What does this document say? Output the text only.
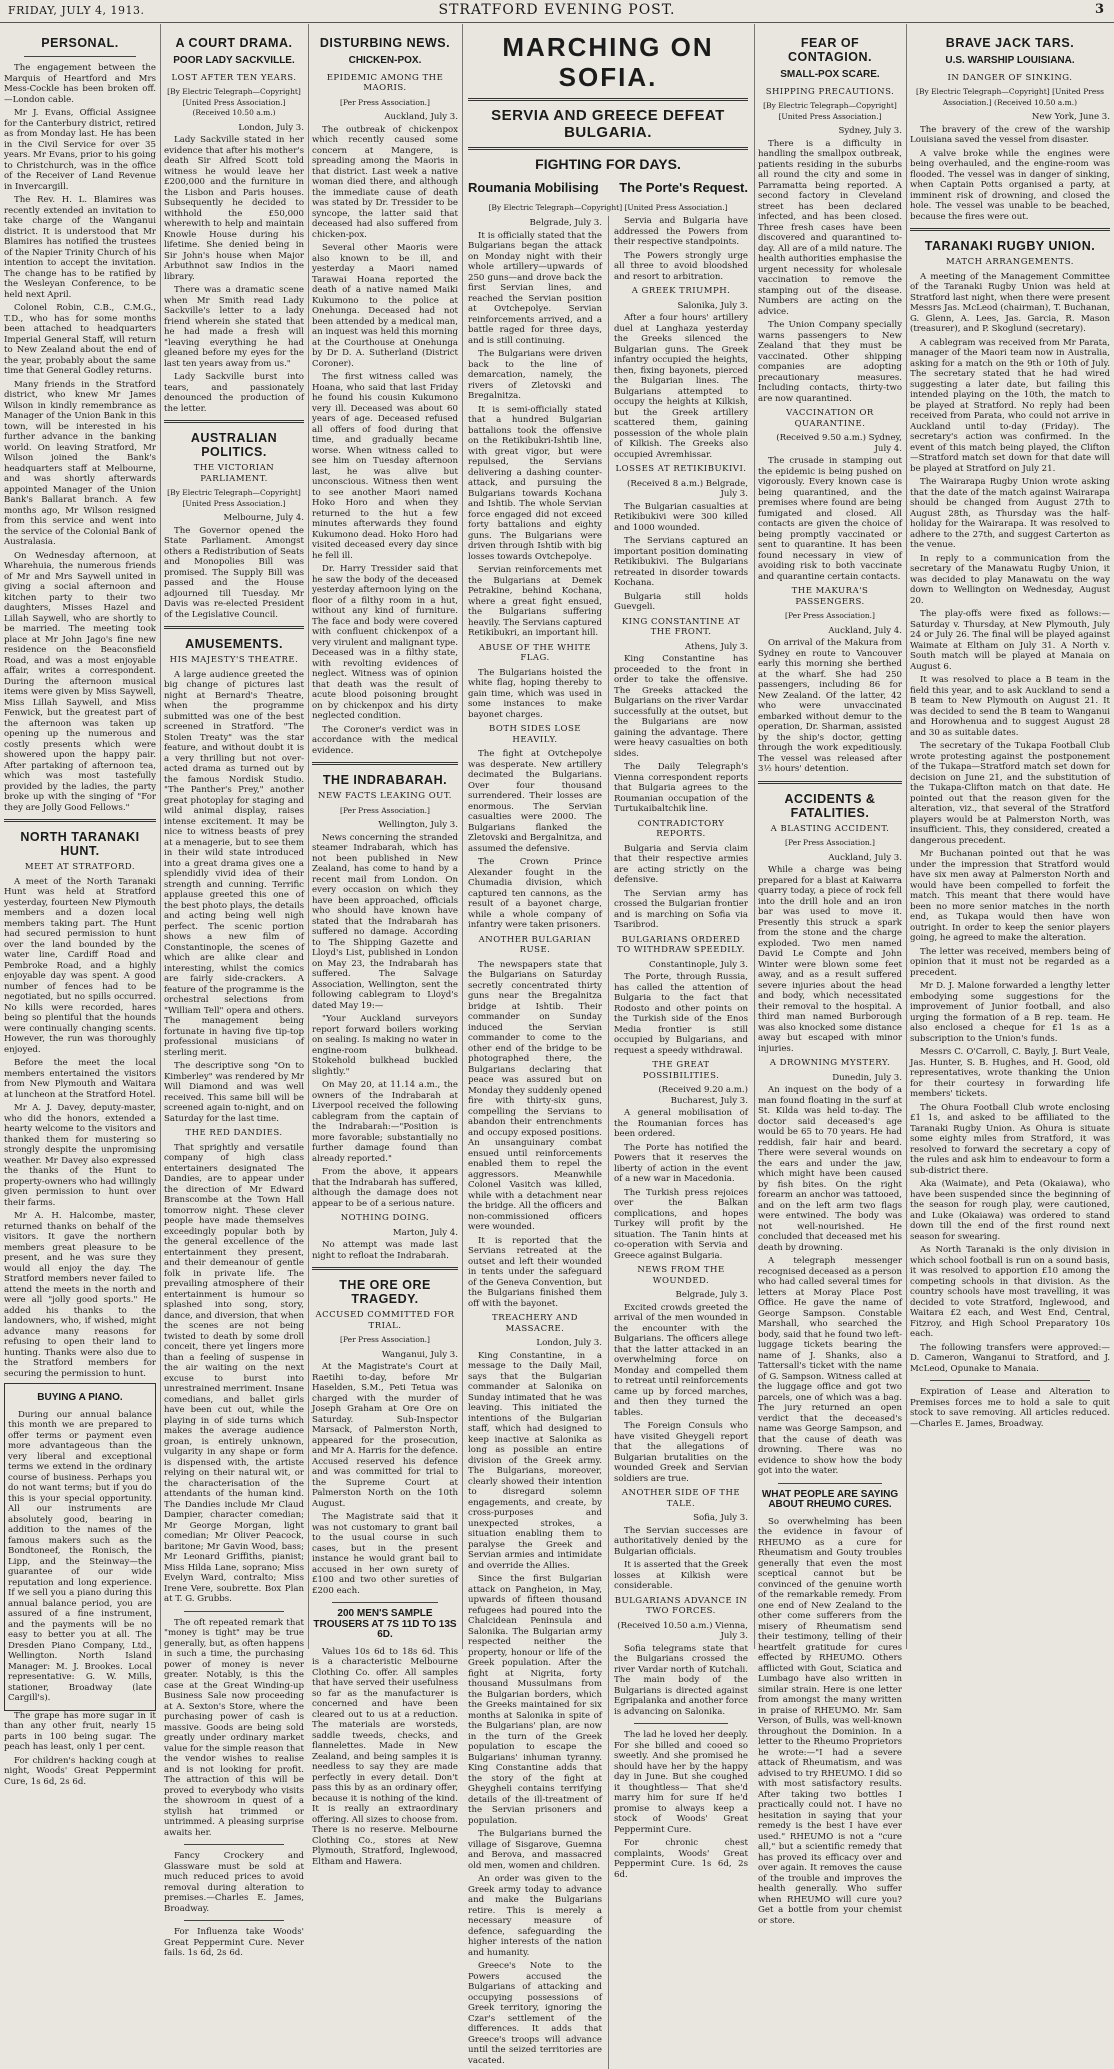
FRIDAY, JULY 4, 1913.	STRATFORD EVENING POST.	3
PERSONAL.

The engagement between the Marquis of Heartford and Mrs Mess-Cockle has been broken off.—London cable.

Mr J. Evans, Official Assignee for the Canterbury district, retired as from Monday last. He has been in the Civil Service for over 35 years. Mr Evans, prior to his going to Christchurch, was in the office of the Receiver of Land Revenue in Invercargill.

The Rev. H. L. Blamires was recently extended an invitation to take charge of the Wanganui district. It is understood that Mr Blamires has notified the trustees of the Napier Trinity Church of his intention to accept the invitation. The change has to be ratified by the Wesleyan Conference, to be held next April.

Colonel Robin, C.B., C.M.G., T.D., who has for some months been attached to headquarters Imperial General Staff, will return to New Zealand about the end of the year, probably about the same time that General Godley returns.

Many friends in the Stratford district, who knew Mr James Wilson in kindly remembrance as Manager of the Union Bank in this town, will be interested in his further advance in the banking world. On leaving Stratford, Mr Wilson joined the Bank's headquarters staff at Melbourne, and was shortly afterwards appointed Manager of the Union Bank's Ballarat branch. A few months ago, Mr Wilson resigned from this service and went into the service of the Colonial Bank of Australasia.

On Wednesday afternoon, at Wharehuia, the numerous friends of Mr and Mrs Saywell united in giving a social afternoon and kitchen party to their two daughters, Misses Hazel and Lillah Saywell, who are shortly to be married. The meeting took place at Mr John Jago's fine new residence on the Beaconsfield Road, and was a most enjoyable affair, writes a correspondent. During the afternoon musical items were given by Miss Saywell, Miss Lillah Saywell, and Miss Fenwick, but the greatest part of the afternoon was taken up opening up the numerous and costly presents which were showered upon the happy pair. After partaking of afternoon tea, which was most tastefully provided by the ladies, the party broke up with the singing of "For they are Jolly Good Fellows."

NORTH TARANAKI HUNT.
MEET AT STRATFORD.

A meet of the North Taranaki Hunt was held at Stratford yesterday, fourteen New Plymouth members and a dozen local members taking part. The Hunt had secured permission to hunt over the land bounded by the water line, Cardiff Road and Pembroke Road, and a highly enjoyable day was spent. A good number of fences had to be negotiated, but no spills occurred. No kills were recorded, hares being so plentiful that the hounds were continually changing scents. However, the run was thoroughly enjoyed.

Before the meet the local members entertained the visitors from New Plymouth and Waitara at luncheon at the Stratford Hotel.

Mr A. J. Davey, deputy-master, who did the honors, extended a hearty welcome to the visitors and thanked them for mustering so strongly despite the unpromising weather. Mr Davey also expressed the thanks of the Hunt to property-owners who had willingly given permission to hunt over their farms.

Mr A. H. Halcombe, master, returned thanks on behalf of the visitors. It gave the northern members great pleasure to be present, and he was sure they would all enjoy the day. The Stratford members never failed to attend the meets in the north and were all "jolly good sports." He added his thanks to the landowners, who, if wished, might advance many reasons for refusing to open their land to hunting. Thanks were also due to the Stratford members for securing the permission to hunt.

BUYING A PIANO.

During our annual balance this month we are prepared to offer terms or payment even more advantageous than the very liberal and exceptional terms we extend in the ordinary course of business. Perhaps you do not want terms; but if you do this is your special opportunity. All our instruments are absolutely good, bearing in addition to the names of the famous makers such as the Bondtoneef, the Ronisch, the Lipp, and the Steinway—the guarantee of our wide reputation and long experience. If we sell you a piano during this annual balance period, you are assured of a fine instrument, and the payments will be no easy to better you at all. The Dresden Piano Company, Ltd., Wellington. North Island Manager: M. J. Brookes. Local representative: G. W. Mills, stationer, Broadway (late Cargill's).

The grape has more sugar in it than any other fruit, nearly 15 parts in 100 being sugar. The peach has least, only 1 per cent.

For children's hacking cough at night, Woods' Great Peppermint Cure, 1s 6d, 2s 6d.

A COURT DRAMA.
POOR LADY SACKVILLE.
LOST AFTER TEN YEARS.
[By Electric Telegraph—Copyright] [United Press Association.] (Received 10.50 a.m.)
London, July 3.

Lady Sackville stated in her evidence that after his mother's death Sir Alfred Scott told witness he would leave her £200,000 and the furniture in the Lisbon and Paris houses. Subsequently he decided to withhold the £50,000 wherewith to help and maintain Knowle House during his lifetime. She denied being in Sir John's house when Major Arbuthnot saw Indios in the library.

There was a dramatic scene when Mr Smith read Lady Sackville's letter to a lady friend wherein she stated that he had made a fresh will "leaving everything he had gleaned before my eyes for the last ten years away from us."

Lady Sackville burst into tears, and passionately denounced the production of the letter.

AUSTRALIAN POLITICS.
THE VICTORIAN PARLIAMENT.
[By Electric Telegraph—Copyright] [United Press Association.]
Melbourne, July 4.

The Governor opened the State Parliament. Amongst others a Redistribution of Seats and Monopolies Bill was promised. The Supply Bill was passed and the House adjourned till Tuesday. Mr Davis was re-elected President of the Legislative Council.

AMUSEMENTS.
HIS MAJESTY'S THEATRE.

A large audience greeted the big change of pictures last night at Bernard's Theatre, when the programme submitted was one of the best screened in Stratford. "The Stolen Treaty" was the star feature, and without doubt it is a very thrilling but not over-acted drama as turned out by the famous Nordisk Studio. "The Panther's Prey," another great photoplay for staging and wild animal display, raises intense excitement. It may be nice to witness beasts of prey at a menagerie, but to see them in their wild state introduced into a great drama gives one a splendidly vivid idea of their strength and cunning. Terrific applause greeted this one of the best photo plays, the details and acting being well nigh perfect. The scenic portion shows a new film of Constantinople, the scenes of which are alike clear and interesting, whilst the comics are fairly side-crackers. A feature of the programme is the orchestral selections from "William Tell" opera and others. The management being fortunate in having five tip-top professional musicians of sterling merit.

The descriptive song "On to Kimberley" was rendered by Mr Will Diamond and was well received. This same bill will be screened again to-night, and on Saturday for the last time.

THE RED DANDIES.

That sprightly and versatile company of high class entertainers designated The Dandies, are to appear under the direction of Mr Edward Branscombe at the Town Hall tomorrow night. These clever people have made themselves exceedingly popular both by the general excellence of the entertainment they present, and their demeanour of gentle folk in private life. The prevailing atmosphere of their entertainment is humour so splashed into song, story, dance, and diversion, that when the scenes are not being twisted to death by some droll conceit, there yet lingers more than a feeling of suspense in the air waiting on the next excuse to burst into unrestrained merriment. Insane comedians, and ballet girls have been cut out, while the playing in of side turns which makes the average audience groan, is entirely unknown, vulgarity in any shape or form is dispensed with, the artiste relying on their natural wit, or the characterisation of the attendants of the human kind. The Dandies include Mr Claud Dampier, character comedian; Mr George Morgan, light comedian; Mr Oliver Peacock, baritone; Mr Gavin Wood, bass; Mr Leonard Griffiths, pianist; Miss Hilda Lane, soprano; Miss Evelyn Ward, contralto; Miss Irene Vere, soubrette. Box Plan at T. G. Grubbs.

The oft repeated remark that "money is tight" may be true generally, but, as often happens in such a time, the purchasing power of money is never greater. Notably, is this the case at the Great Winding-up Business Sale now proceeding at A. Sexton's Store, where the purchasing power of cash is massive. Goods are being sold greatly under ordinary market value for the simple reason that the vendor wishes to realise and is not looking for profit. The attraction of this will be proved to everybody who visits the showroom in quest of a stylish hat trimmed or untrimmed. A pleasing surprise awaits her.

Fancy Crockery and Glassware must be sold at much reduced prices to avoid removal during alteration to premises.—Charles E. James, Broadway.

For Influenza take Woods' Great Peppermint Cure. Never fails. 1s 6d, 2s 6d.

DISTURBING NEWS.
CHICKEN-POX.
EPIDEMIC AMONG THE MAORIS.
[Per Press Association.]
Auckland, July 3.

The outbreak of chickenpox which recently caused some concern at Mangere, is spreading among the Maoris in that district. Last week a native woman died there, and although the immediate cause of death was stated by Dr. Tressider to be syncope, the latter said that deceased had also suffered from chicken-pox.

Several other Maoris were also known to be ill, and yesterday a Maori named Tarawai Hoana reported the death of a native named Maiki Kukumono to the police at Onehunga. Deceased had not been attended by a medical man, an inquest was held this morning at the Courthouse at Onehunga by Dr D. A. Sutherland (District Coroner).

The first witness called was Hoana, who said that last Friday he found his cousin Kukumono very ill. Deceased was about 60 years of age. Deceased refused all offers of food during that time, and gradually became worse. When witness called to see him on Tuesday afternoon last, he was alive but unconscious. Witness then went to see another Maori named Hoko Horo and when they returned to the hut a few minutes afterwards they found Kukumono dead. Hoko Horo had visited deceased every day since he fell ill.

Dr. Harry Tressider said that he saw the body of the deceased yesterday afternoon lying on the floor of a filthy room in a hut, without any kind of furniture. The face and body were covered with confluent chickenpox of a very virulent and malignant type. Deceased was in a filthy state, with revolting evidences of neglect. Witness was of opinion that death was the result of acute blood poisoning brought on by chickenpox and his dirty neglected condition.

The Coroner's verdict was in accordance with the medical evidence.

THE INDRABARAH.
NEW FACTS LEAKING OUT.
[Per Press Association.]
Wellington, July 3.

News concerning the stranded steamer Indrabarah, which has not been published in New Zealand, has come to hand by a recent mail from London. On every occasion on which they have been approached, officials who should have known have stated that the Indrabarah has suffered no damage. According to The Shipping Gazette and Lloyd's List, published in London on May 23, the Indrabarah has suffered. The Salvage Association, Wellington, sent the following cablegram to Lloyd's dated May 19:—

"Your Auckland surveyors report forward boilers working on sealing. Is making no water in engine-room bulkhead. Stokehold bulkhead buckled slightly."

On May 20, at 11.14 a.m., the owners of the Indrabarah at Liverpool received the following cablegram from the captain of the Indrabarah:—"Position is more favorable; substantially no further damage found than already reported."

From the above, it appears that the Indrabarah has suffered, although the damage does not appear to be of a serious nature.

NOTHING DOING.
Marton, July 4.

No attempt was made last night to refloat the Indrabarah.

THE ORE ORE TRAGEDY.
ACCUSED COMMITTED FOR TRIAL.
[Per Press Association.]
Wanganui, July 3.

At the Magistrate's Court at Raetihi to-day, before Mr Haselden, S.M., Peti Tetua was charged with the murder of Joseph Graham at Ore Ore on Saturday. Sub-Inspector Marsack, of Palmerston North, appeared for the prosecution, and Mr A. Harris for the defence. Accused reserved his defence and was committed for trial to the Supreme Court at Palmerston North on the 10th August.

The Magistrate said that it was not customary to grant bail to the usual course in such cases, but in the present instance he would grant bail to accused in her own surety of £100 and two other sureties of £200 each.

200 MEN'S SAMPLE TROUSERS AT 7S 11D TO 13S 6D.

Values 10s 6d to 18s 6d. This is a characteristic Melbourne Clothing Co. offer. All samples that have served their usefulness so far as the manufacturer is concerned and have been cleared out to us at a reduction. The materials are worsteds, saddle tweeds, checks, and flannelettes. Made in New Zealand, and being samples it is needless to say they are made perfectly in every detail. Don't pass this by as an ordinary offer, because it is nothing of the kind. It is really an extraordinary offering. All sizes to choose from. There is no reserve. Melbourne Clothing Co., stores at New Plymouth, Stratford, Inglewood, Eltham and Hawera.

MARCHING ON SOFIA.
SERVIA AND GREECE DEFEAT BULGARIA.
FIGHTING FOR DAYS.
Roumania Mobilising The Porte's Request.
[By Electric Telegraph—Copyright] [United Press Association.]
Belgrade, July 3.

It is officially stated that the Bulgarians began the attack on Monday night with their whole artillery—upwards of 250 guns—and drove back the first Servian lines, and reached the Servian position at Ovtchepolye. Servian reinforcements arrived, and a battle raged for three days, and is still continuing.

The Bulgarians were driven back to the line of demarcation, namely, the rivers of Zletovski and Bregalnitza.

It is semi-officially stated that a hundred Bulgarian battalions took the offensive on the Retikibukri-Ishtib line, with great vigor, but were repulsed, the Servians delivering a dashing counter-attack, and pursuing the Bulgarians towards Kochana and Ishtib. The whole Servian force engaged did not exceed forty battalions and eighty guns. The Bulgarians were driven through Ishtib with big losses towards Ovtchepolye.

Servian reinforcements met the Bulgarians at Demek Petrakine, behind Kochana, where a great fight ensued, the Bulgarians suffering heavily. The Servians captured Retikibukri, an important hill.

ABUSE OF THE WHITE FLAG.

The Bulgarians hoisted the white flag, hoping thereby to gain time, which was used in some instances to make bayonet charges.

BOTH SIDES LOSE HEAVILY.

The fight at Ovtchepolye was desperate. New artillery decimated the Bulgarians. Over four thousand surrendered. Their losses are enormous. The Servian casualties were 2000. The Bulgarians flanked the Zletovski and Bergalnitza, and assumed the defensive.

The Crown Prince Alexander fought in the Chumadia division, which captured ten cannons, as the result of a bayonet charge, while a whole company of infantry were taken prisoners.

ANOTHER BULGARIAN RUSE.

The newspapers state that the Bulgarians on Saturday secretly concentrated thirty guns near the Bregalnitza bridge at Ishtib. Their commander on Sunday induced the Servian commander to come to the other end of the bridge to be photographed there, the Bulgarians declaring that peace was assured but on Monday they suddenly opened fire with thirty-six guns, compelling the Servians to abandon their entrenchments and occupy exposed positions. An unsanguinary combat ensued until reinforcements enabled them to repel the aggressors. Meanwhile Colonel Vasitch was killed, while with a detachment near the bridge. All the officers and non-commissioned officers were wounded.

It is reported that the Servians retreated at the outset and left their wounded in tents under the safeguard of the Geneva Convention, but the Bulgarians finished them off with the bayonet.

TREACHERY AND MASSACRE.
London, July 3.

King Constantine, in a message to the Daily Mail, says that the Bulgarian commander at Salonika on Sunday intimated that he was leaving. This initiated the intentions of the Bulgarian staff, which had designed to keep inactive at Salonika as long as possible an entire division of the Greek army. The Bulgarians, moreover, clearly showed their intention to disregard solemn engagements, and create, by cross-purposes and unexpected strokes, a situation enabling them to paralyse the Greek and Servian armies and intimidate and override the Allies.

Since the first Bulgarian attack on Pangheion, in May, upwards of fifteen thousand refugees had poured into the Chalcidean Peninsula and Salonika. The Bulgarian army respected neither the property, honour or life of the Greek population. After the fight at Nigrita, forty thousand Mussulmans from the Bulgarian borders, which the Greeks maintained for six months at Salonika in spite of the Bulgarians' plan, are now in the turn of the Greek population to escape the Bulgarians' inhuman tyranny. King Constantine adds that the story of the fight at Gheygheli contains terrifying details of the ill-treatment of the Servian prisoners and population.

The Bulgarians burned the village of Sisgarove, Guemna and Berova, and massacred old men, women and children.

An order was given to the Greek army today to advance and make the Bulgarians retire. This is merely a necessary measure of defence, safeguarding the higher interests of the nation and humanity.

Greece's Note to the Powers accused the Bulgarians of attacking and occupying possessions of Greek territory, ignoring the Czar's settlement of the differences. It adds that Greece's troops will advance until the seized territories are vacated.

Servia and Bulgaria have addressed the Powers from their respective standpoints.

The Powers strongly urge all three to avoid bloodshed and resort to arbitration.

A GREEK TRIUMPH.
Salonika, July 3.

After a four hours' artillery duel at Langhaza yesterday the Greeks silenced the Bulgarian guns. The Greek infantry occupied the heights, then, fixing bayonets, pierced the Bulgarian lines. The Bulgarians attempted to occupy the heights at Kilkish, but the Greek artillery scattered them, gaining possession of the whole plain of Kilkish. The Greeks also occupied Avremhissar.

LOSSES AT RETIKIBUKIVI.
(Received 8 a.m.) Belgrade, July 3.

The Bulgarian casualties at Retikibukivi were 300 killed and 1000 wounded.

The Servians captured an important position dominating Retikibukivi. The Bulgarians retreated in disorder towards Kochana.

Bulgaria still holds Guevgeli.

KING CONSTANTINE AT THE FRONT.
Athens, July 3.

King Constantine has proceeded to the front in order to take the offensive. The Greeks attacked the Bulgarians on the river Vardar successfully at the outset, but the Bulgarians are now gaining the advantage. There were heavy casualties on both sides.

The Daily Telegraph's Vienna correspondent reports that Bulgaria agrees to the Roumanian occupation of the Turtukaibaltchik line.

CONTRADICTORY REPORTS.

Bulgaria and Servia claim that their respective armies are acting strictly on the defensive.

The Servian army has crossed the Bulgarian frontier and is marching on Sofia via Tsaribrod.

BULGARIANS ORDERED TO WITHDRAW SPEEDILY.
Constantinople, July 3.

The Porte, through Russia, has called the attention of Bulgaria to the fact that Rodosto and other points on the Turkish side of the Enos Media frontier is still occupied by Bulgarians, and request a speedy withdrawal.

THE GREAT POSSIBILITIES.
(Received 9.20 a.m.) Bucharest, July 3.

A general mobilisation of the Roumanian forces has been ordered.

The Porte has notified the Powers that it reserves the liberty of action in the event of a new war in Macedonia.

The Turkish press rejoices over the Balkan complications, and hopes Turkey will profit by the situation. The Tanin hints at co-operation with Servia and Greece against Bulgaria.

NEWS FROM THE WOUNDED.
Belgrade, July 3.

Excited crowds greeted the arrival of the men wounded in the encounter with the Bulgarians. The officers allege that the latter attacked in an overwhelming force on Monday and compelled them to retreat until reinforcements came up by forced marches, and then they turned the tables.

The Foreign Consuls who have visited Gheygeli report that the allegations of Bulgarian brutalities on the wounded Greek and Servian soldiers are true.

ANOTHER SIDE OF THE TALE.
Sofia, July 3.

The Servian successes are authoritatively denied by the Bulgarian officials.

It is asserted that the Greek losses at Kilkish were considerable.

BULGARIANS ADVANCE IN TWO FORCES.
(Received 10.50 a.m.) Vienna, July 3.

Sofia telegrams state that the Bulgarians crossed the river Vardar north of Kutchali. The main body of the Bulgarians is directed against Egripalanka and another force is advancing on Salonika.

The lad he loved her deeply. For she billed and cooed so sweetly. And she promised he should have her by the happy day in June. But she coughed it thoughtless— That she'd marry him for sure If he'd promise to always keep a stock of Woods' Great Peppermint Cure.

For chronic chest complaints, Woods' Great Peppermint Cure. 1s 6d, 2s 6d.

FEAR OF CONTAGION.
SMALL-POX SCARE.
SHIPPING PRECAUTIONS.
[By Electric Telegraph—Copyright] [United Press Association.]
Sydney, July 3.

There is a difficulty in handling the smallpox outbreak, patients residing in the suburbs all round the city and some in Parramatta being reported. A second factory in Cleveland street has been declared infected, and has been closed. Three fresh cases have been discovered and quarantined to-day. All are of a mild nature. The health authorities emphasise the urgent necessity for wholesale vaccination to remove the stamping out of the disease. Numbers are acting on the advice.

The Union Company specially warns passengers to New Zealand that they must be vaccinated. Other shipping companies are adopting precautionary measures. Including contacts, thirty-two are now quarantined.

VACCINATION OR QUARANTINE.
(Received 9.50 a.m.) Sydney, July 4.

The crusade in stamping out the epidemic is being pushed on vigorously. Every known case is being quarantined, and the premises where found are being fumigated and closed. All contacts are given the choice of being promptly vaccinated or sent to quarantine. It has been found necessary in view of avoiding risk to both vaccinate and quarantine certain contacts.

THE MAKURA'S PASSENGERS.
[Per Press Association.]
Auckland, July 4.

On arrival of the Makura from Sydney en route to Vancouver early this morning she berthed at the wharf. She had 250 passengers, including 86 for New Zealand. Of the latter, 42 who were unvaccinated embarked without demur to the operation, Dr. Sharman, assisted by the ship's doctor, getting through the work expeditiously. The vessel was released after 3½ hours' detention.

ACCIDENTS & FATALITIES.
A BLASTING ACCIDENT.
[Per Press Association.]
Auckland, July 3.

While a charge was being prepared for a blast at Kaiwarra quarry today, a piece of rock fell into the drill hole and an iron bar was used to move it. Presently this struck a spark from the stone and the charge exploded. Two men named David Le Compte and John Winter were blown some feet away, and as a result suffered severe injuries about the head and body, which necessitated their removal to the hospital. A third man named Burborough was also knocked some distance away but escaped with minor injuries.

A DROWNING MYSTERY.
Dunedin, July 3.

An inquest on the body of a man found floating in the surf at St. Kilda was held to-day. The doctor said deceased's age would be 65 to 70 years. He had reddish, fair hair and beard. There were several wounds on the ears and under the jaw, which might have been caused by fish bites. On the right forearm an anchor was tattooed, and on the left arm two flags were entwined. The body was not well-nourished. He concluded that deceased met his death by drowning.

A telegraph messenger recognised deceased as a person who had called several times for letters at Moray Place Post Office. He gave the name of George Sampson. Constable Marshall, who searched the body, said that he found two left-luggage tickets bearing the name of J. Shanks, also a Tattersall's ticket with the name of G. Sampson. Witness called at the luggage office and got two parcels, one of which was a bag. The jury returned an open verdict that the deceased's name was George Sampson, and that the cause of death was drowning. There was no evidence to show how the body got into the water.

WHAT PEOPLE ARE SAYING ABOUT RHEUMO CURES.

So overwhelming has been the evidence in favour of RHEUMO as a cure for Rheumatism and Gouty troubles generally that even the most sceptical cannot but be convinced of the genuine worth of the remarkable remedy. From one end of New Zealand to the other come sufferers from the misery of Rheumatism send their testimony, telling of their heartfelt gratitude for cures effected by RHEUMO. Others afflicted with Gout, Sciatica and Lumbago have also written in similar strain. Here is one letter from amongst the many written in praise of RHEUMO. Mr. Sam Verson, of Bulls, was well-known throughout the Dominion. In a letter to the Rheumo Proprietors he wrote:—"I had a severe attack of Rheumatism, and was advised to try RHEUMO. I did so with most satisfactory results. After taking two bottles I practically could not. I have no hesitation in saying that your remedy is the best I have ever used." RHEUMO is not a "cure all," but a scientific remedy that has proved its efficacy over and over again. It removes the cause of the trouble and improves the health generally. Who suffer when RHEUMO will cure you? Get a bottle from your chemist or store.

BRAVE JACK TARS.
U.S. WARSHIP LOUISIANA.
IN DANGER OF SINKING.
[By Electric Telegraph—Copyright] [United Press Association.] (Received 10.50 a.m.)
New York, June 3.

The bravery of the crew of the warship Louisiana saved the vessel from disaster.

A valve broke while the engines were being overhauled, and the engine-room was flooded. The vessel was in danger of sinking, when Captain Potts organised a party, at imminent risk of drowning, and closed the hole. The vessel was unable to be beached, because the fires were out.

TARANAKI RUGBY UNION.
MATCH ARRANGEMENTS.

A meeting of the Management Committee of the Taranaki Rugby Union was held at Stratford last night, when there were present Messrs Jas. McLeod (chairman), T. Buchanan, G. Glenn, A. Lees, Jas. Garcia, R. Mason (treasurer), and P. Skoglund (secretary).

A cablegram was received from Mr Parata, manager of the Maori team now in Australia, asking for a match on the 9th or 10th of July. The secretary stated that he had wired suggesting a later date, but failing this intended playing on the 10th, the match to be played at Stratford. No reply had been received from Parata, who could not arrive in Auckland until to-day (Friday). The secretary's action was confirmed. In the event of this match being played, the Clifton—Stratford match set down for that date will be played at Stratford on July 21.

The Wairarapa Rugby Union wrote asking that the date of the match against Wairarapa should be changed from August 27th to August 28th, as Thursday was the half-holiday for the Wairarapa. It was resolved to adhere to the 27th, and suggest Carterton as the venue.

In reply to a communication from the secretary of the Manawatu Rugby Union, it was decided to play Manawatu on the way down to Wellington on Wednesday, August 20.

The play-offs were fixed as follows:—Saturday v. Thursday, at New Plymouth, July 24 or July 26. The final will be played against Waimate at Eltham on July 31. A North v. South match will be played at Manaia on August 6.

It was resolved to place a B team in the field this year, and to ask Auckland to send a B team to New Plymouth on August 21. It was decided to send the B team to Wanganui and Horowhenua and to suggest August 28 and 30 as suitable dates.

The secretary of the Tukapa Football Club wrote protesting against the postponement of the Tukapa—Stratford match set down for decision on June 21, and the substitution of the Tukapa-Clifton match on that date. He pointed out that the reason given for the alteration, viz., that several of the Stratford players would be at Palmerston North, was insufficient. This, they considered, created a dangerous precedent.

Mr Buchanan pointed out that he was under the impression that Stratford would have six men away at Palmerston North and would have been compelled to forfeit the match. This meant that there would have been no more senior matches in the north end, as Tukapa would then have won outright. In order to keep the senior players going, he agreed to make the alteration.

The letter was received, members being of opinion that it must not be regarded as a precedent.

Mr D. J. Malone forwarded a lengthy letter embodying some suggestions for the improvement of Junior football, and also urging the formation of a B rep. team. He also enclosed a cheque for £1 1s as a subscription to the Union's funds.

Messrs C. O'Carroll, C. Bayly, J. Burt Veale, Jas. Hunter, S. B. Hughes, and H. Good, old representatives, wrote thanking the Union for their courtesy in forwarding life members' tickets.

The Ohura Football Club wrote enclosing £1 1s, and asked to be affiliated to the Taranaki Rugby Union. As Ohura is situate some eighty miles from Stratford, it was resolved to forward the secretary a copy of the rules and ask him to endeavour to form a sub-district there.

Aka (Waimate), and Peta (Okaiawa), who have been suspended since the beginning of the season for rough play, were cautioned, and Luke (Okaiawa) was ordered to stand down till the end of the first round next season for swearing.

As North Taranaki is the only division in which school football is run on a sound basis, it was resolved to apportion £10 among the competing schools in that division. As the country schools have most travelling, it was decided to vote Stratford, Inglewood, and Waitara £2 each, and West End, Central, Fitzroy, and High School Preparatory 10s each.

The following transfers were approved:—D. Cameron, Wanganui to Stratford, and J. McLeod, Opunake to Manaia.

Expiration of Lease and Alteration to Premises forces me to hold a sale to quit stock to save removing. All articles reduced.—Charles E. James, Broadway.
